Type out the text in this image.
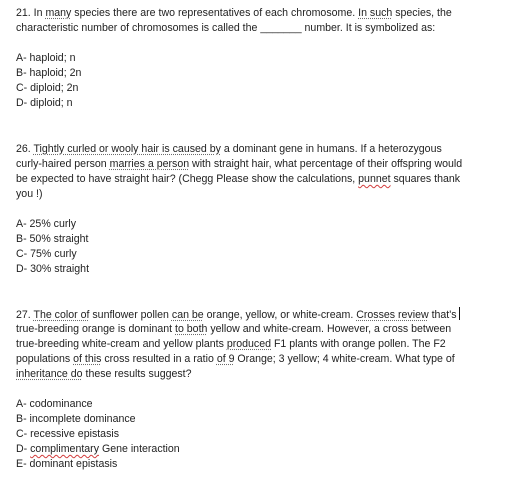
21. In many species there are two representatives of each chromosome. In such species, the
characteristic number of chromosomes is called the _______ number. It is symbolized as:
A- haploid; n
B- haploid; 2n
C- diploid; 2n
D- diploid; n
26. Tightly curled or wooly hair is caused by a dominant gene in humans. If a heterozygous
curly-haired person marries a person with straight hair, what percentage of their offspring would
be expected to have straight hair? (Chegg Please show the calculations, punnet squares thank
you !)
A- 25% curly
B- 50% straight
C- 75% curly
D- 30% straight
27. The color of sunflower pollen can be orange, yellow, or white-cream. Crosses review that's
true-breeding orange is dominant to both yellow and white-cream. However, a cross between
true-breeding white-cream and yellow plants produced F1 plants with orange pollen. The F2
populations of this cross resulted in a ratio of 9 Orange; 3 yellow; 4 white-cream. What type of
inheritance do these results suggest?
A- codominance
B- incomplete dominance
C- recessive epistasis
D- complimentary Gene interaction
E- dominant epistasis
